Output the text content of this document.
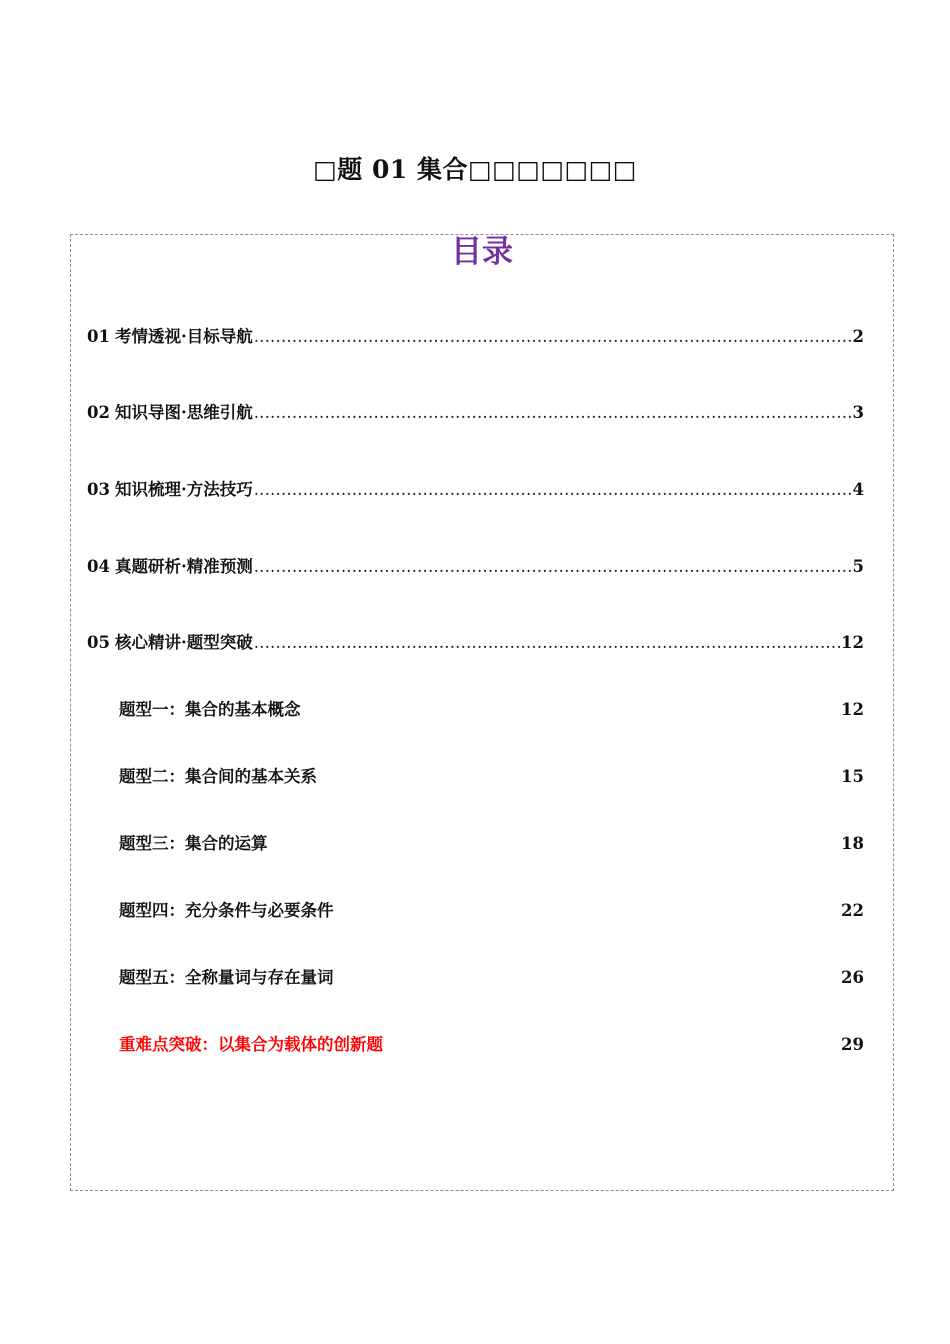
□题 01 集合□□□□□□□
目录
01 考情透视·目标导航 .....	2
02 知识导图·思维引航 .....	3
03 知识梳理·方法技巧 .....	4
04 真题研析·精准预测 .....	5
05 核心精讲·题型突破 .....	12
题型一：集合的基本概念	12
题型二：集合间的基本关系	15
题型三：集合的运算	18
题型四：充分条件与必要条件	22
题型五：全称量词与存在量词	26
重难点突破：以集合为载体的创新题	29
